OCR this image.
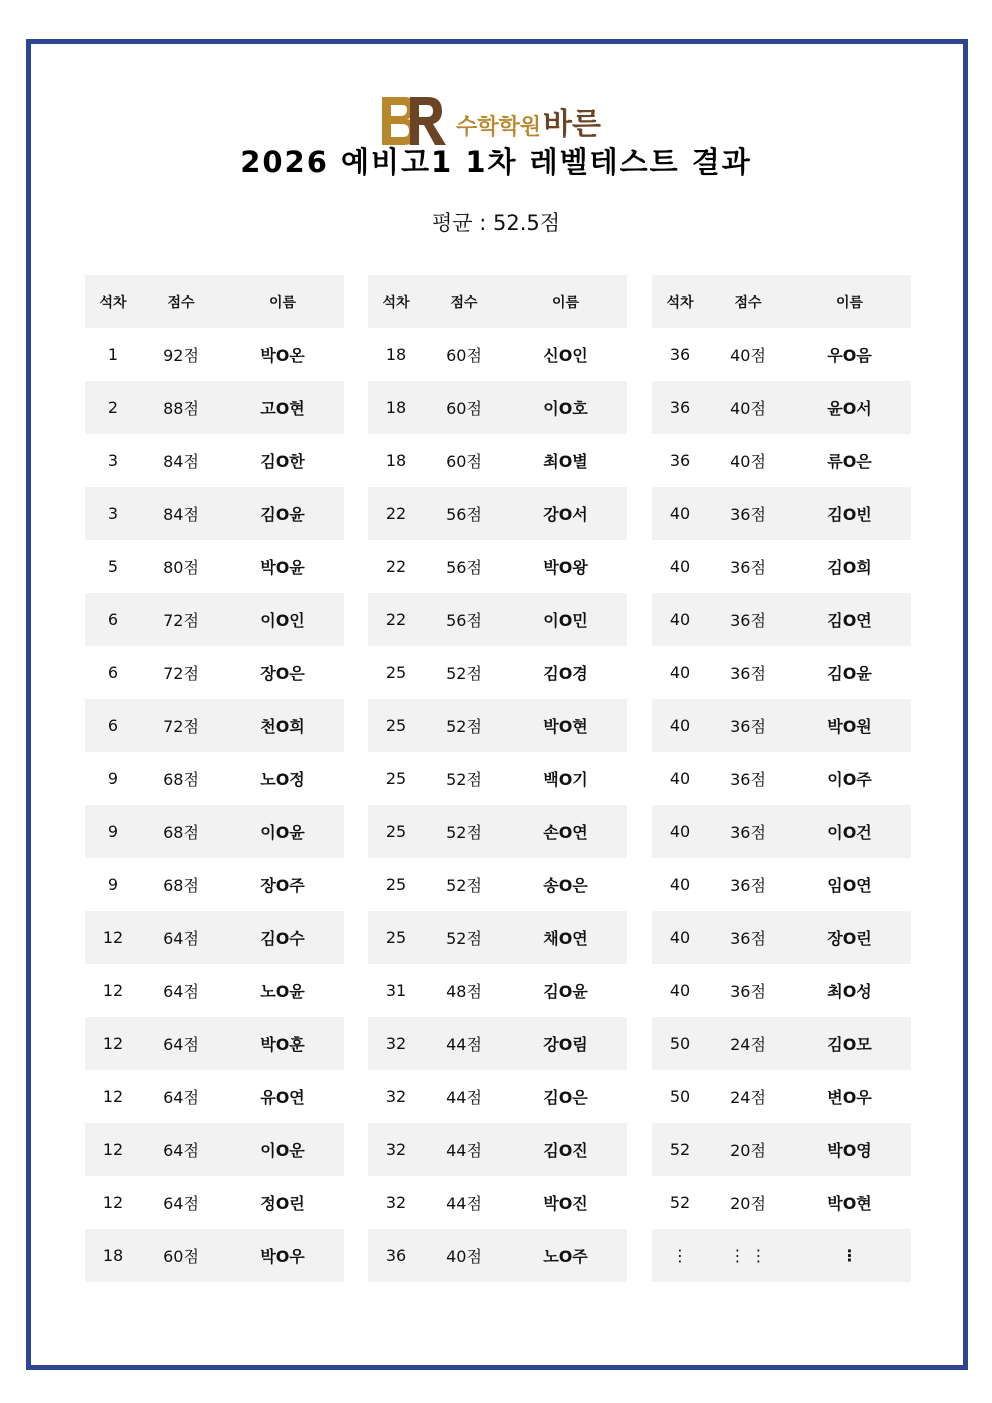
수학학원 바른
2026 예비고1 1차 레벨테스트 결과
평균 : 52.5점
석차	점수	이름
1	92점	박O온
2	88점	고O현
3	84점	김O한
3	84점	김O윤
5	80점	박O윤
6	72점	이O인
6	72점	장O은
6	72점	천O희
9	68점	노O정
9	68점	이O윤
9	68점	장O주
12	64점	김O수
12	64점	노O윤
12	64점	박O훈
12	64점	유O연
12	64점	이O운
12	64점	정O린
18	60점	박O우
석차	점수	이름
18	60점	신O인
18	60점	이O호
18	60점	최O별
22	56점	강O서
22	56점	박O왕
22	56점	이O민
25	52점	김O경
25	52점	박O현
25	52점	백O기
25	52점	손O연
25	52점	송O은
25	52점	채O연
31	48점	김O윤
32	44점	강O림
32	44점	김O은
32	44점	김O진
32	44점	박O진
36	40점	노O주
석차	점수	이름
36	40점	우O음
36	40점	윤O서
36	40점	류O은
40	36점	김O빈
40	36점	김O희
40	36점	김O연
40	36점	김O윤
40	36점	박O원
40	36점	이O주
40	36점	이O건
40	36점	임O연
40	36점	장O린
40	36점	최O성
50	24점	김O모
50	24점	변O우
52	20점	박O영
52	20점	박O현
⋮	⋮ ⋮	⋮
